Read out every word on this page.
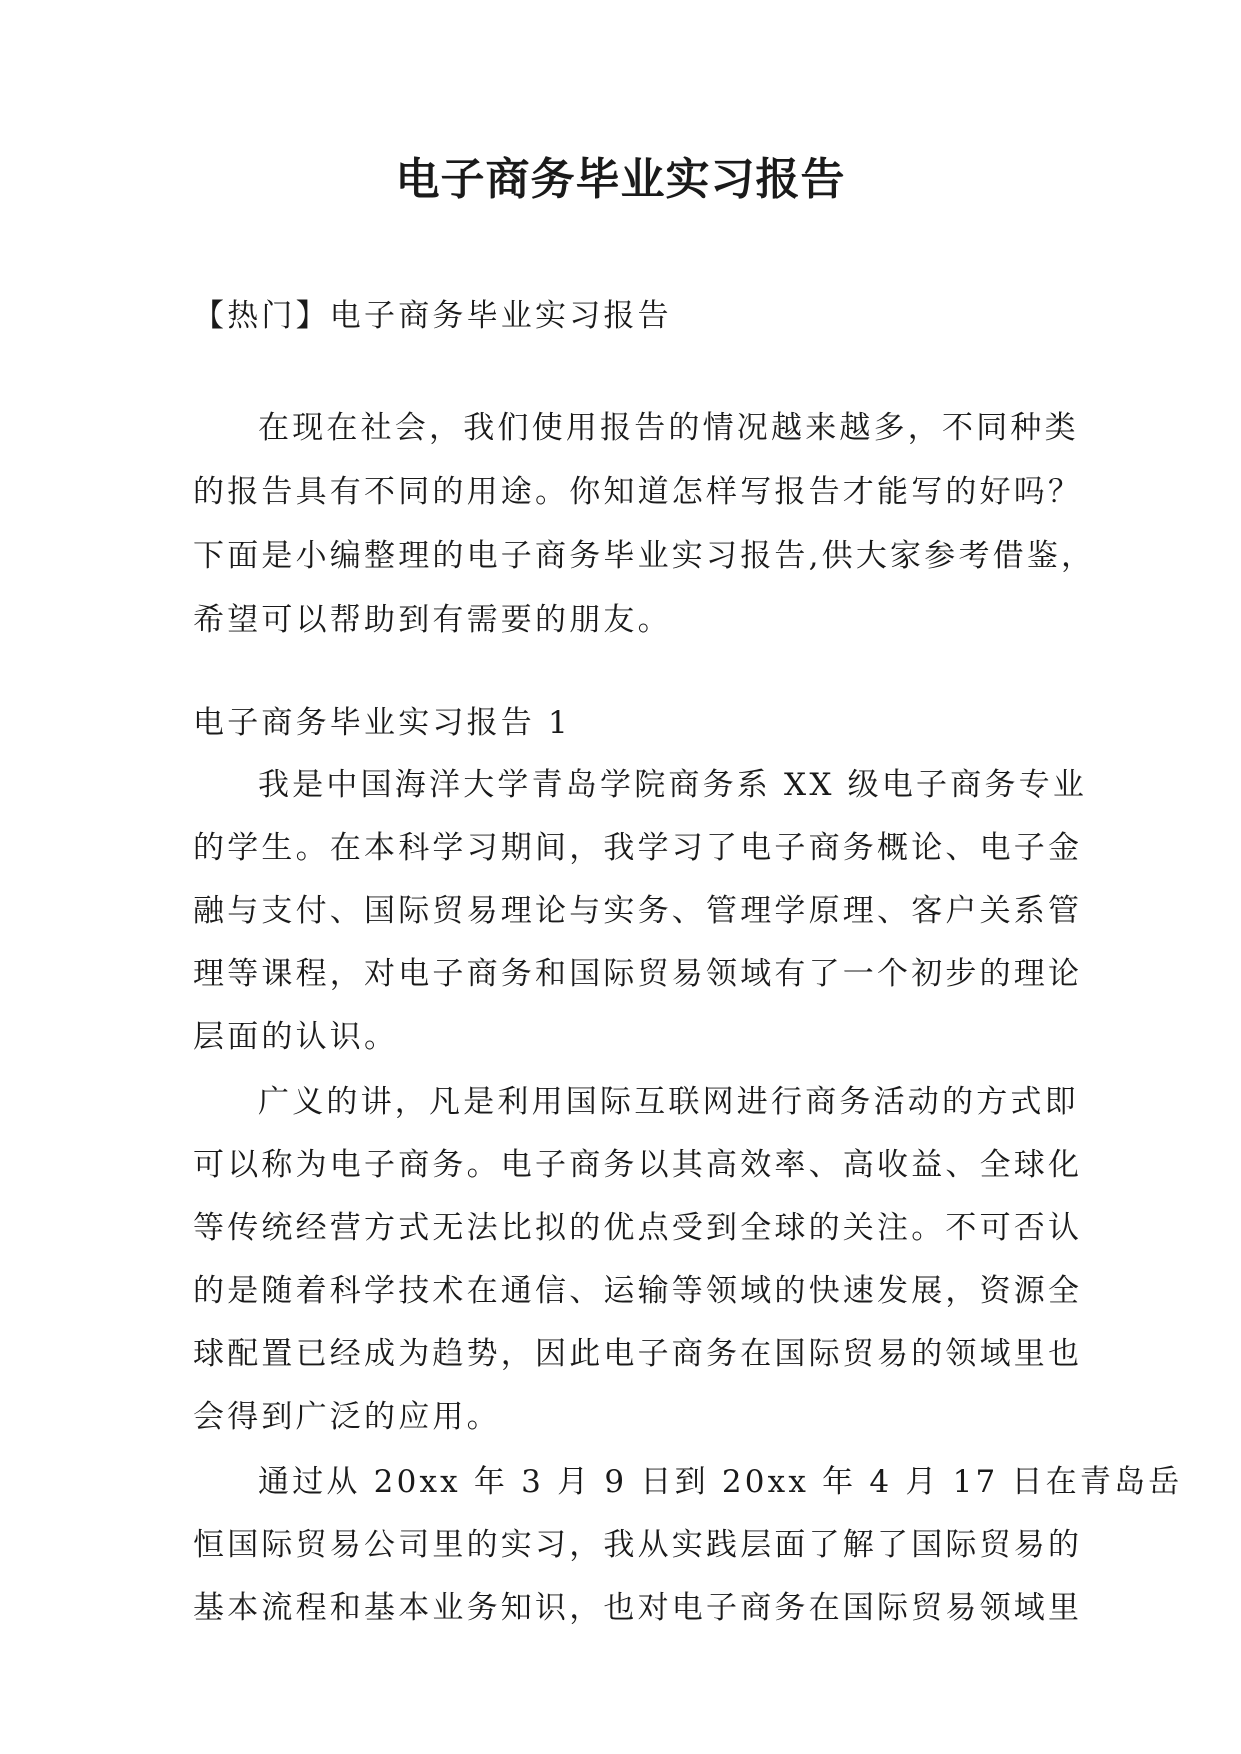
电子商务毕业实习报告

【热门】电子商务毕业实习报告

在现在社会，我们使用报告的情况越来越多，不同种类

的报告具有不同的用途。你知道怎样写报告才能写的好吗？

下面是小编整理的电子商务毕业实习报告,供大家参考借鉴，

希望可以帮助到有需要的朋友。

电子商务毕业实习报告 1

我是中国海洋大学青岛学院商务系 XX 级电子商务专业

的学生。在本科学习期间，我学习了电子商务概论、电子金

融与支付、国际贸易理论与实务、管理学原理、客户关系管

理等课程，对电子商务和国际贸易领域有了一个初步的理论

层面的认识。

广义的讲，凡是利用国际互联网进行商务活动的方式即

可以称为电子商务。电子商务以其高效率、高收益、全球化

等传统经营方式无法比拟的优点受到全球的关注。不可否认

的是随着科学技术在通信、运输等领域的快速发展，资源全

球配置已经成为趋势，因此电子商务在国际贸易的领域里也

会得到广泛的应用。

通过从 20xx 年 3 月 9 日到 20xx 年 4 月 17 日在青岛岳

恒国际贸易公司里的实习，我从实践层面了解了国际贸易的

基本流程和基本业务知识，也对电子商务在国际贸易领域里
